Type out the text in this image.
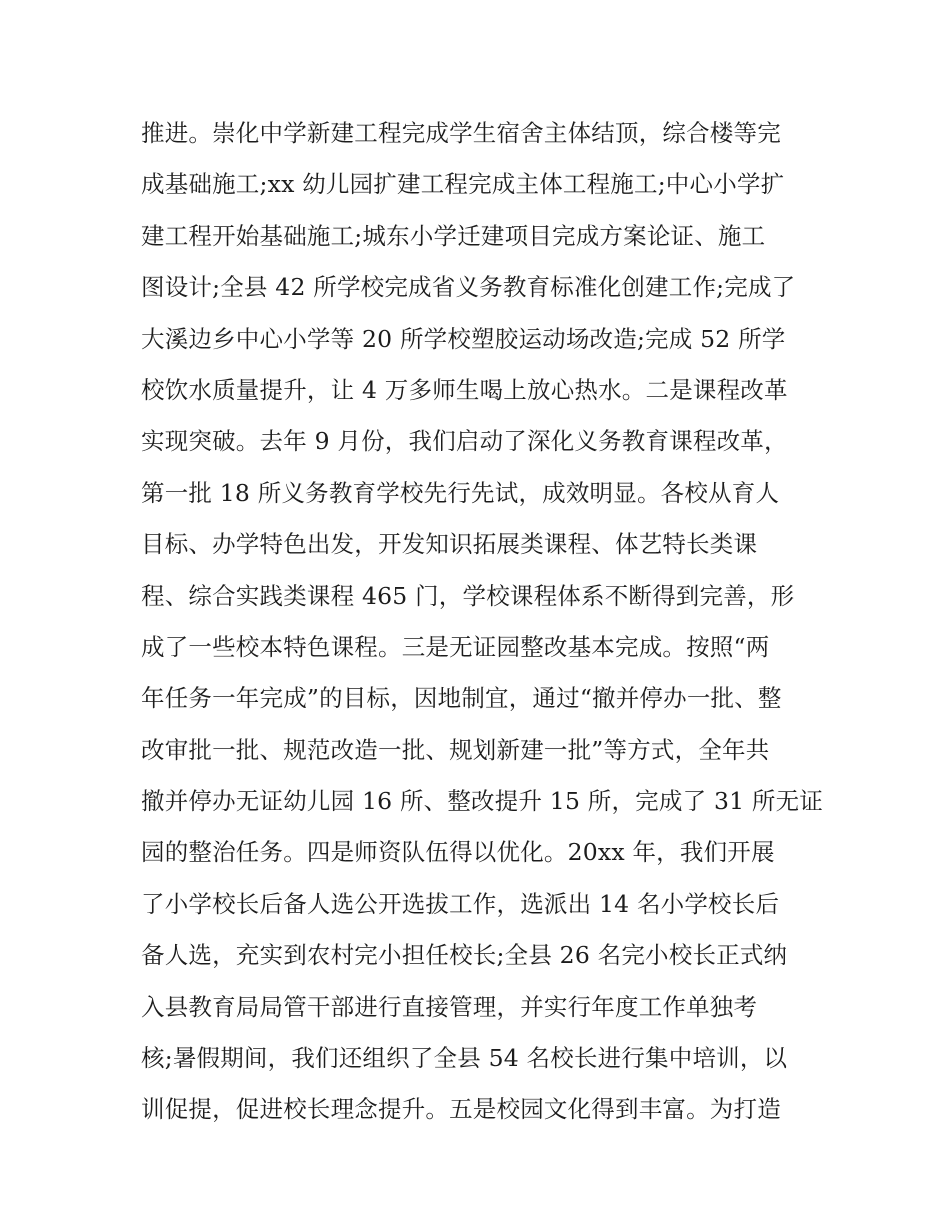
推进。崇化中学新建工程完成学生宿舍主体结顶，综合楼等完
成基础施工;xx 幼儿园扩建工程完成主体工程施工;中心小学扩
建工程开始基础施工;城东小学迁建项目完成方案论证、施工
图设计;全县 42 所学校完成省义务教育标准化创建工作;完成了
大溪边乡中心小学等 20 所学校塑胶运动场改造;完成 52 所学
校饮水质量提升，让 4 万多师生喝上放心热水。二是课程改革
实现突破。去年 9 月份，我们启动了深化义务教育课程改革，
第一批 18 所义务教育学校先行先试，成效明显。各校从育人
目标、办学特色出发，开发知识拓展类课程、体艺特长类课
程、综合实践类课程 465 门，学校课程体系不断得到完善，形
成了一些校本特色课程。三是无证园整改基本完成。按照“两
年任务一年完成”的目标，因地制宜，通过“撤并停办一批、整
改审批一批、规范改造一批、规划新建一批”等方式，全年共
撤并停办无证幼儿园 16 所、整改提升 15 所，完成了 31 所无证
园的整治任务。四是师资队伍得以优化。20xx 年，我们开展
了小学校长后备人选公开选拔工作，选派出 14 名小学校长后
备人选，充实到农村完小担任校长;全县 26 名完小校长正式纳
入县教育局局管干部进行直接管理，并实行年度工作单独考
核;暑假期间，我们还组织了全县 54 名校长进行集中培训，以
训促提，促进校长理念提升。五是校园文化得到丰富。为打造
